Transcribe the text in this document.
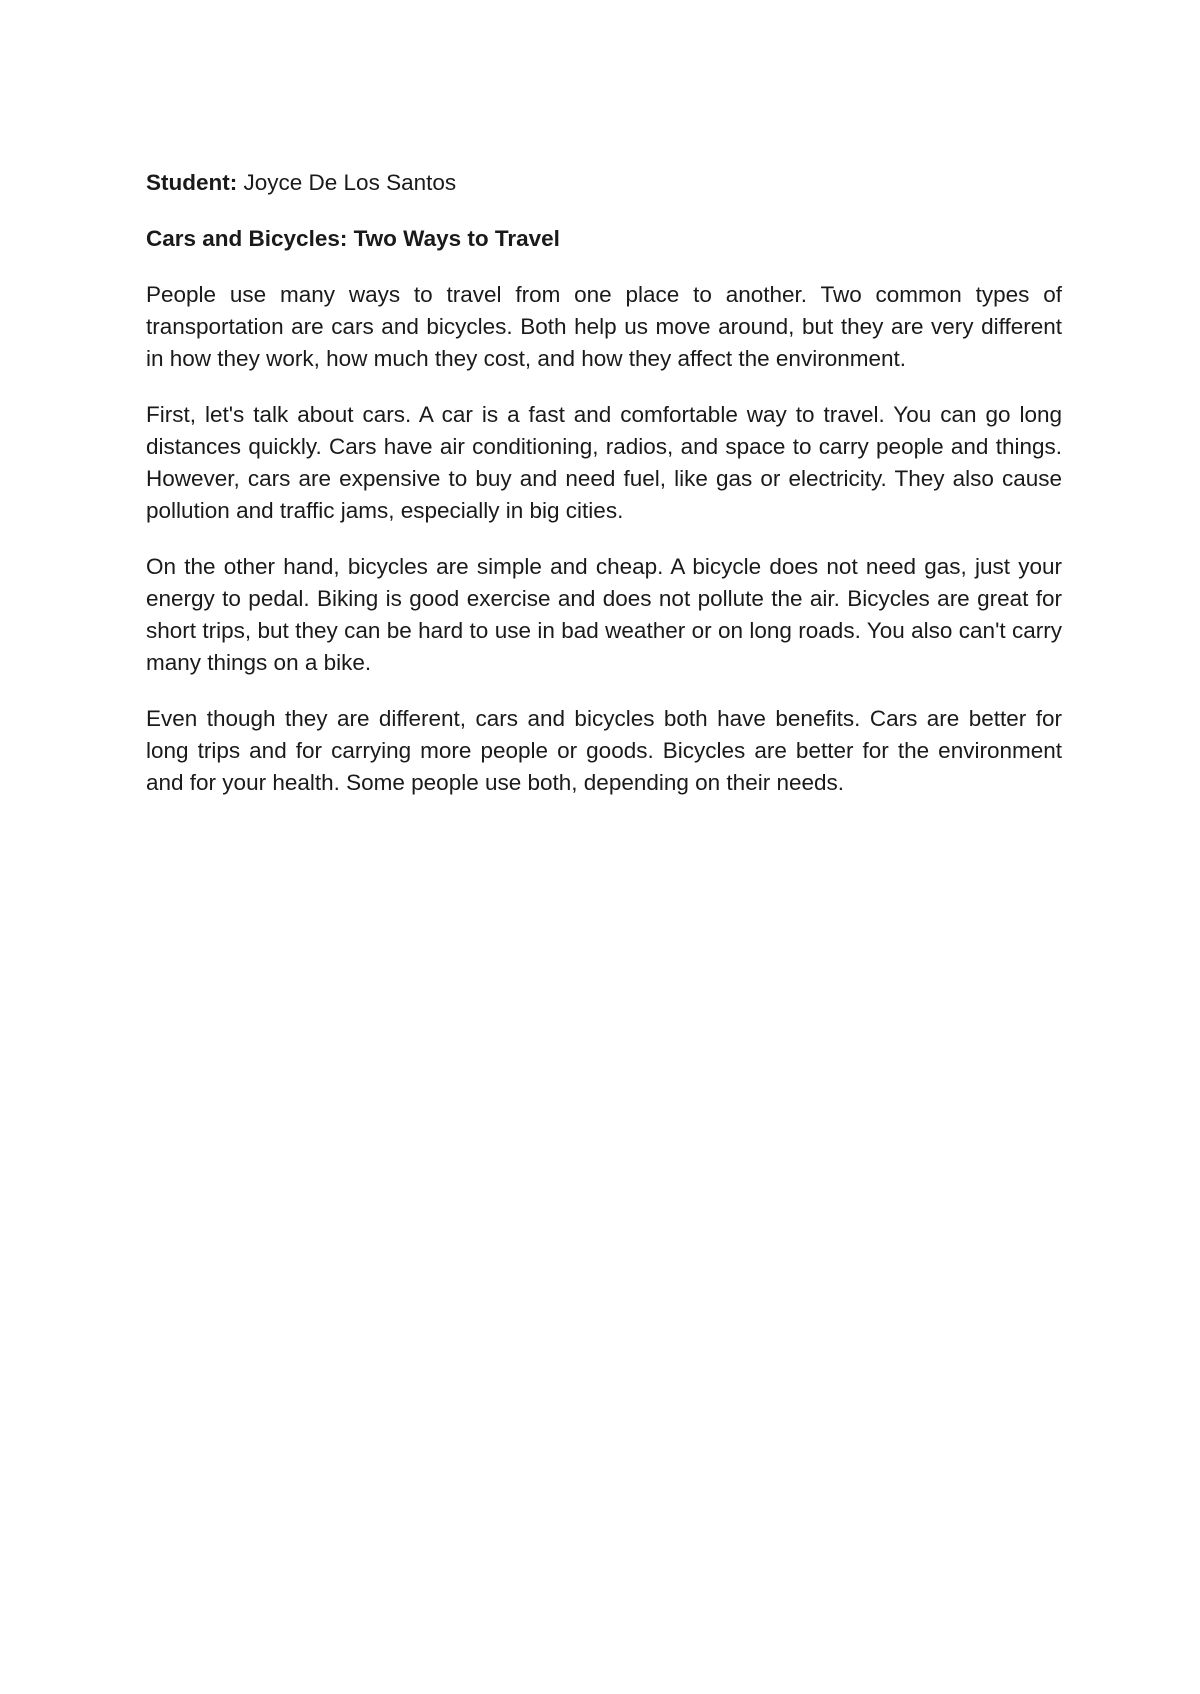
Student: Joyce De Los Santos

Cars and Bicycles: Two Ways to Travel

People use many ways to travel from one place to another. Two common types of transportation are cars and bicycles. Both help us move around, but they are very different in how they work, how much they cost, and how they affect the environment.

First, let's talk about cars. A car is a fast and comfortable way to travel. You can go long distances quickly. Cars have air conditioning, radios, and space to carry people and things. However, cars are expensive to buy and need fuel, like gas or electricity. They also cause pollution and traffic jams, especially in big cities.

On the other hand, bicycles are simple and cheap. A bicycle does not need gas, just your energy to pedal. Biking is good exercise and does not pollute the air. Bicycles are great for short trips, but they can be hard to use in bad weather or on long roads. You also can't carry many things on a bike.

Even though they are different, cars and bicycles both have benefits. Cars are better for long trips and for carrying more people or goods. Bicycles are better for the environment and for your health. Some people use both, depending on their needs.
